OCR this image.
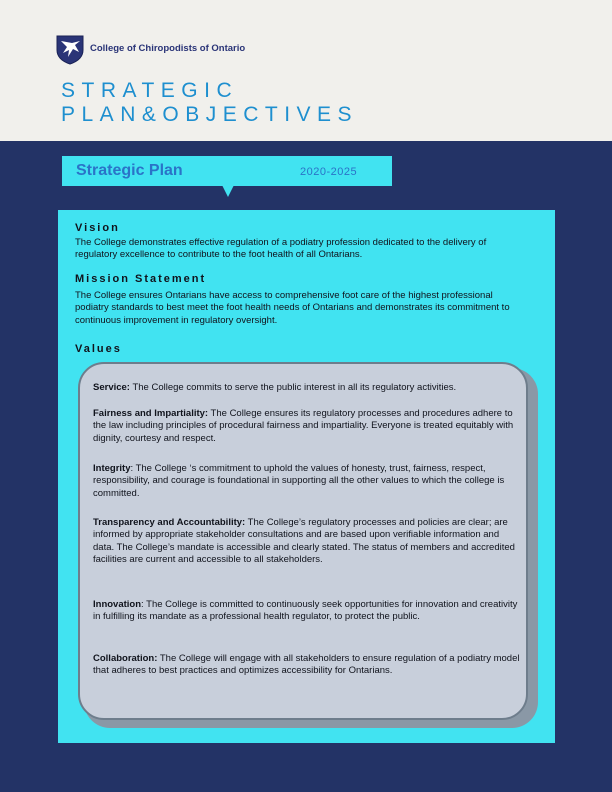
College of Chiropodists of Ontario
STRATEGIC
PLAN&OBJECTIVES
Strategic Plan	2020-2025
Vision
The College demonstrates effective regulation of a podiatry profession dedicated to the delivery of regulatory excellence to contribute to the foot health of all Ontarians.
Mission Statement
The College ensures Ontarians have access to comprehensive foot care of the highest professional podiatry standards to best meet the foot health needs of Ontarians and demonstrates its commitment to continuous improvement in regulatory oversight.
Values
Service: The College commits to serve the public interest in all its regulatory activities.
Fairness and Impartiality: The College ensures its regulatory processes and procedures adhere to the law including principles of procedural fairness and impartiality. Everyone is treated equitably with dignity, courtesy and respect.
Integrity: The College ‘s commitment to uphold the values of honesty, trust, fairness, respect, responsibility, and courage is foundational in supporting all the other values to which the college is committed.
Transparency and Accountability: The College’s regulatory processes and policies are clear; are informed by appropriate stakeholder consultations and are based upon verifiable information and data. The College’s mandate is accessible and clearly stated. The status of members and accredited facilities are current and accessible to all stakeholders.
Innovation: The College is committed to continuously seek opportunities for innovation and creativity in fulfilling its mandate as a professional health regulator, to protect the public.
Collaboration: The College will engage with all stakeholders to ensure regulation of a podiatry model that adheres to best practices and optimizes accessibility for Ontarians.
